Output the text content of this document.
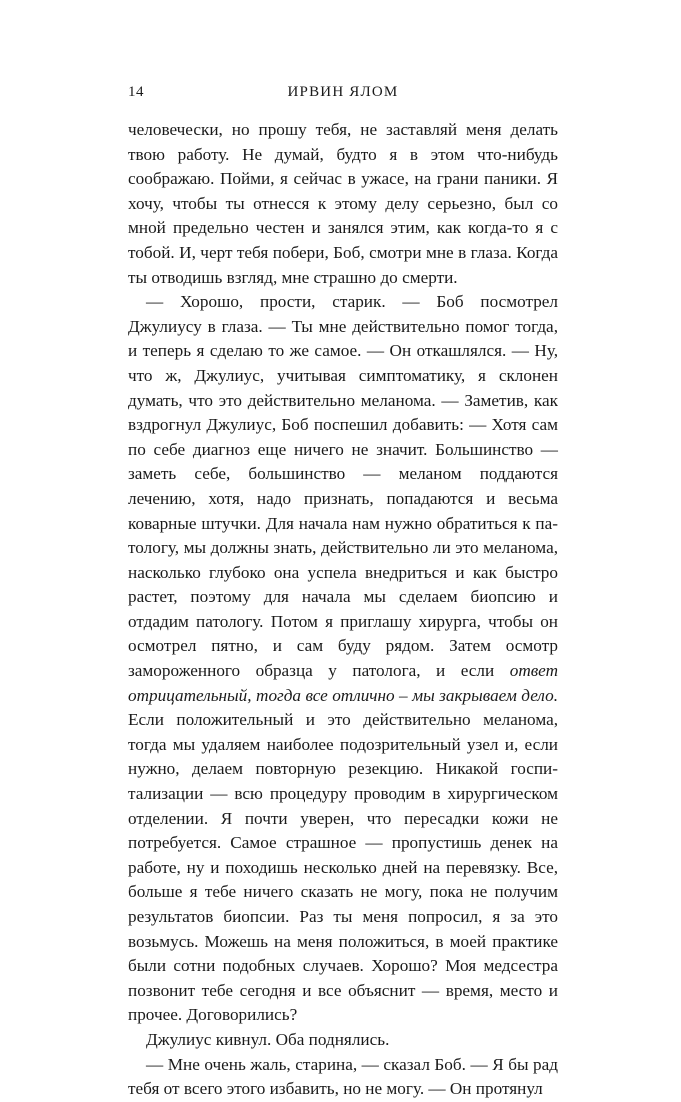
14	ИРВИН ЯЛОМ

человечески, но прошу тебя, не заставляй меня делать твою работу. Не думай, будто я в этом что-нибудь соображаю. Пойми, я сейчас в ужасе, на грани паники. Я хочу, чтобы ты отнесся к этому делу серьезно, был со мной предельно честен и занялся этим, как когда-то я с тобой. И, черт тебя побери, Боб, смотри мне в глаза. Когда ты отводишь взгляд, мне страшно до смерти.

— Хорошо, прости, старик. — Боб посмотрел Джулиусу в глаза. — Ты мне действительно помог тогда, и теперь я сделаю то же самое. — Он откашлялся. — Ну, что ж, Джулиус, учитывая симптоматику, я склонен думать, что это действительно меланома. — Заметив, как вздрогнул Джулиус, Боб поспешил добавить: — Хотя сам по себе диагноз еще ничего не значит. Большинство — заметь себе, большинство — меланом поддаются лечению, хотя, надо признать, попадаются и весьма коварные штучки. Для начала нам нужно обратиться к патологу, мы должны знать, действительно ли это меланома, насколько глубоко она успела внедриться и как быстро растет, поэтому для начала мы сделаем биопсию и отдадим патологу. Потом я приглашу хирурга, чтобы он осмотрел пятно, и сам буду рядом. Затем осмотр замороженного образца у патолога, и если ответ отрицательный, тогда все отлично – мы закрываем дело. Если положительный и это действительно меланома, тогда мы удаляем наиболее подозрительный узел и, если нужно, делаем повторную резекцию. Никакой госпитализации — всю процедуру проводим в хирургическом отделении. Я почти уверен, что пересадки кожи не потребуется. Самое страшное — пропустишь денек на работе, ну и походишь несколько дней на перевязку. Все, больше я тебе ничего сказать не могу, пока не получим результатов биопсии. Раз ты меня попросил, я за это возьмусь. Можешь на меня положиться, в моей практике были сотни подобных случаев. Хорошо? Моя медсестра позвонит тебе сегодня и все объяснит — время, место и прочее. Договорились?

Джулиус кивнул. Оба поднялись.

— Мне очень жаль, старина, — сказал Боб. — Я бы рад тебя от всего этого избавить, но не могу. — Он протянул
